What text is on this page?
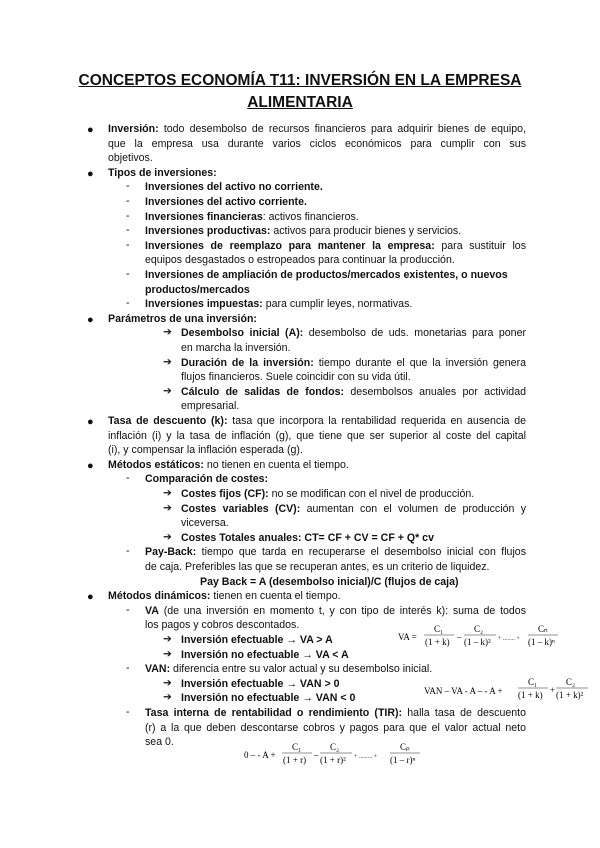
CONCEPTOS ECONOMÍA T11: INVERSIÓN EN LA EMPRESA
ALIMENTARIA
● Inversión: todo desembolso de recursos financieros para adquirir bienes de equipo,
que la empresa usa durante varios ciclos económicos para cumplir con sus
objetivos.
● Tipos de inversiones:
- Inversiones del activo no corriente.
- Inversiones del activo corriente.
- Inversiones financieras: activos financieros.
- Inversiones productivas: activos para producir bienes y servicios.
- Inversiones de reemplazo para mantener la empresa: para sustituir los
equipos desgastados o estropeados para continuar la producción.
- Inversiones de ampliación de productos/mercados existentes, o nuevos
productos/mercados
- Inversiones impuestas: para cumplir leyes, normativas.
● Parámetros de una inversión:
➔ Desembolso inicial (A): desembolso de uds. monetarias para poner
en marcha la inversión.
➔ Duración de la inversión: tiempo durante el que la inversión genera
flujos financieros. Suele coincidir con su vida útil.
➔ Cálculo de salidas de fondos: desembolsos anuales por actividad
empresarial.
● Tasa de descuento (k): tasa que incorpora la rentabilidad requerida en ausencia de
inflación (i) y la tasa de inflación (g), que tiene que ser superior al coste del capital
(i), y compensar la inflación esperada (g).
● Métodos estáticos: no tienen en cuenta el tiempo.
- Comparación de costes:
➔ Costes fijos (CF): no se modifican con el nivel de producción.
➔ Costes variables (CV): aumentan con el volumen de producción y
viceversa.
➔ Costes Totales anuales: CT= CF + CV = CF + Q* cv
- Pay-Back: tiempo que tarda en recuperarse el desembolso inicial con flujos
de caja. Preferibles las que se recuperan antes, es un criterio de liquidez.
Pay Back = A (desembolso inicial)/C (flujos de caja)
● Métodos dinámicos: tienen en cuenta el tiempo.
- VA (de una inversión en momento t, y con tipo de interés k): suma de todos
los pagos y cobros descontados.
➔ Inversión efectuable → VA > A
➔ Inversión no efectuable → VA < A
VA =
C₁
(1 + k) –
C₂
(1 – k)² + ........ +
Cₙ
(1 – k)ⁿ
- VAN: diferencia entre su valor actual y su desembolso inicial.
➔ Inversión efectuable → VAN > 0
➔ Inversión no efectuable → VAN < 0
VAN – VA - A – - A +
C₁
(1 + k) +
C₂
(1 + k)²
- Tasa interna de rentabilidad o rendimiento (TIR): halla tasa de descuento
(r) a la que deben descontarse cobros y pagos para que el valor actual neto
sea 0.
0 – - A +
C₁
(1 + r) –
C₂
(1 + r)² + ......... +
Cₚ
(1 – r)ⁿ
